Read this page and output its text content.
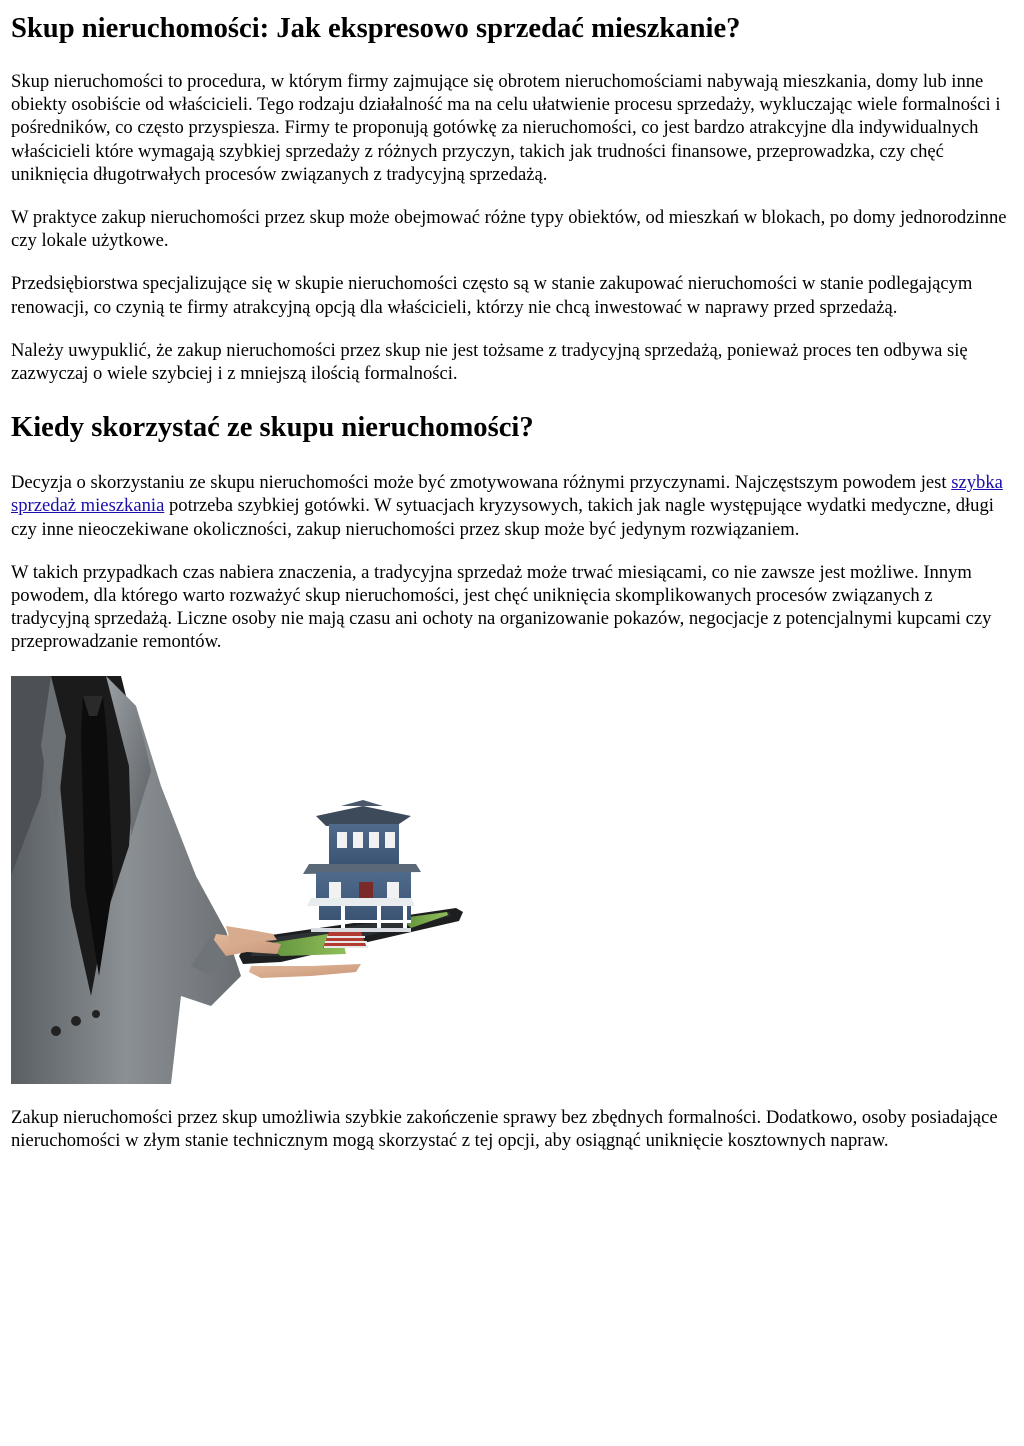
Skup nieruchomości: Jak ekspresowo sprzedać mieszkanie?

Skup nieruchomości to procedura, w którym firmy zajmujące się obrotem nieruchomościami nabywają mieszkania, domy lub inne obiekty osobiście od właścicieli. Tego rodzaju działalność ma na celu ułatwienie procesu sprzedaży, wykluczając wiele formalności i pośredników, co często przyspiesza. Firmy te proponują gotówkę za nieruchomości, co jest bardzo atrakcyjne dla indywidualnych właścicieli które wymagają szybkiej sprzedaży z różnych przyczyn, takich jak trudności finansowe, przeprowadzka, czy chęć uniknięcia długotrwałych procesów związanych z tradycyjną sprzedażą.

W praktyce zakup nieruchomości przez skup może obejmować różne typy obiektów, od mieszkań w blokach, po domy jednorodzinne czy lokale użytkowe.

Przedsiębiorstwa specjalizujące się w skupie nieruchomości często są w stanie zakupować nieruchomości w stanie podlegającym renowacji, co czynią te firmy atrakcyjną opcją dla właścicieli, którzy nie chcą inwestować w naprawy przed sprzedażą.

Należy uwypuklić, że zakup nieruchomości przez skup nie jest tożsame z tradycyjną sprzedażą, ponieważ proces ten odbywa się zazwyczaj o wiele szybciej i z mniejszą ilością formalności.

Kiedy skorzystać ze skupu nieruchomości?

Decyzja o skorzystaniu ze skupu nieruchomości może być zmotywowana różnymi przyczynami. Najczęstszym powodem jest szybka sprzedaż mieszkania potrzeba szybkiej gotówki. W sytuacjach kryzysowych, takich jak nagle występujące wydatki medyczne, długi czy inne nieoczekiwane okoliczności, zakup nieruchomości przez skup może być jedynym rozwiązaniem.

W takich przypadkach czas nabiera znaczenia, a tradycyjna sprzedaż może trwać miesiącami, co nie zawsze jest możliwe. Innym powodem, dla którego warto rozważyć skup nieruchomości, jest chęć uniknięcia skomplikowanych procesów związanych z tradycyjną sprzedażą. Liczne osoby nie mają czasu ani ochoty na organizowanie pokazów, negocjacje z potencjalnymi kupcami czy przeprowadzanie remontów.

Zakup nieruchomości przez skup umożliwia szybkie zakończenie sprawy bez zbędnych formalności. Dodatkowo, osoby posiadające nieruchomości w złym stanie technicznym mogą skorzystać z tej opcji, aby osiągnąć uniknięcie kosztownych napraw.
